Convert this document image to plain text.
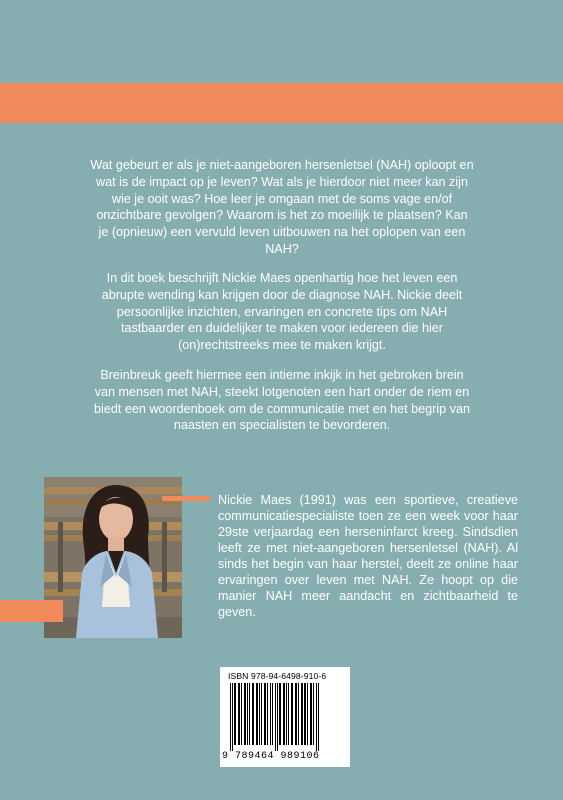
Wat gebeurt er als je niet-aangeboren hersenletsel (NAH) oploopt en wat is de impact op je leven? Wat als je hierdoor niet meer kan zijn wie je ooit was? Hoe leer je omgaan met de soms vage en/of onzichtbare gevolgen? Waarom is het zo moeilijk te plaatsen? Kan je (opnieuw) een vervuld leven uitbouwen na het oplopen van een NAH?

In dit boek beschrijft Nickie Maes openhartig hoe het leven een abrupte wending kan krijgen door de diagnose NAH. Nickie deelt persoonlijke inzichten, ervaringen en concrete tips om NAH tastbaarder en duidelijker te maken voor iedereen die hier (on)rechtstreeks mee te maken krijgt.

Breinbreuk geeft hiermee een intieme inkijk in het gebroken brein van mensen met NAH, steekt lotgenoten een hart onder de riem en biedt een woordenboek om de communicatie met en het begrip van naasten en specialisten te bevorderen.

Nickie Maes (1991) was een sportieve, creatieve communicatiespecialiste toen ze een week voor haar 29ste verjaardag een herseninfarct kreeg. Sindsdien leeft ze met niet-aangeboren hersenletsel (NAH). Al sinds het begin van haar herstel, deelt ze online haar ervaringen over leven met NAH. Ze hoopt op die manier NAH meer aandacht en zichtbaarheid te geven.

ISBN 978-94-6498-910-6
9 789464 989106
